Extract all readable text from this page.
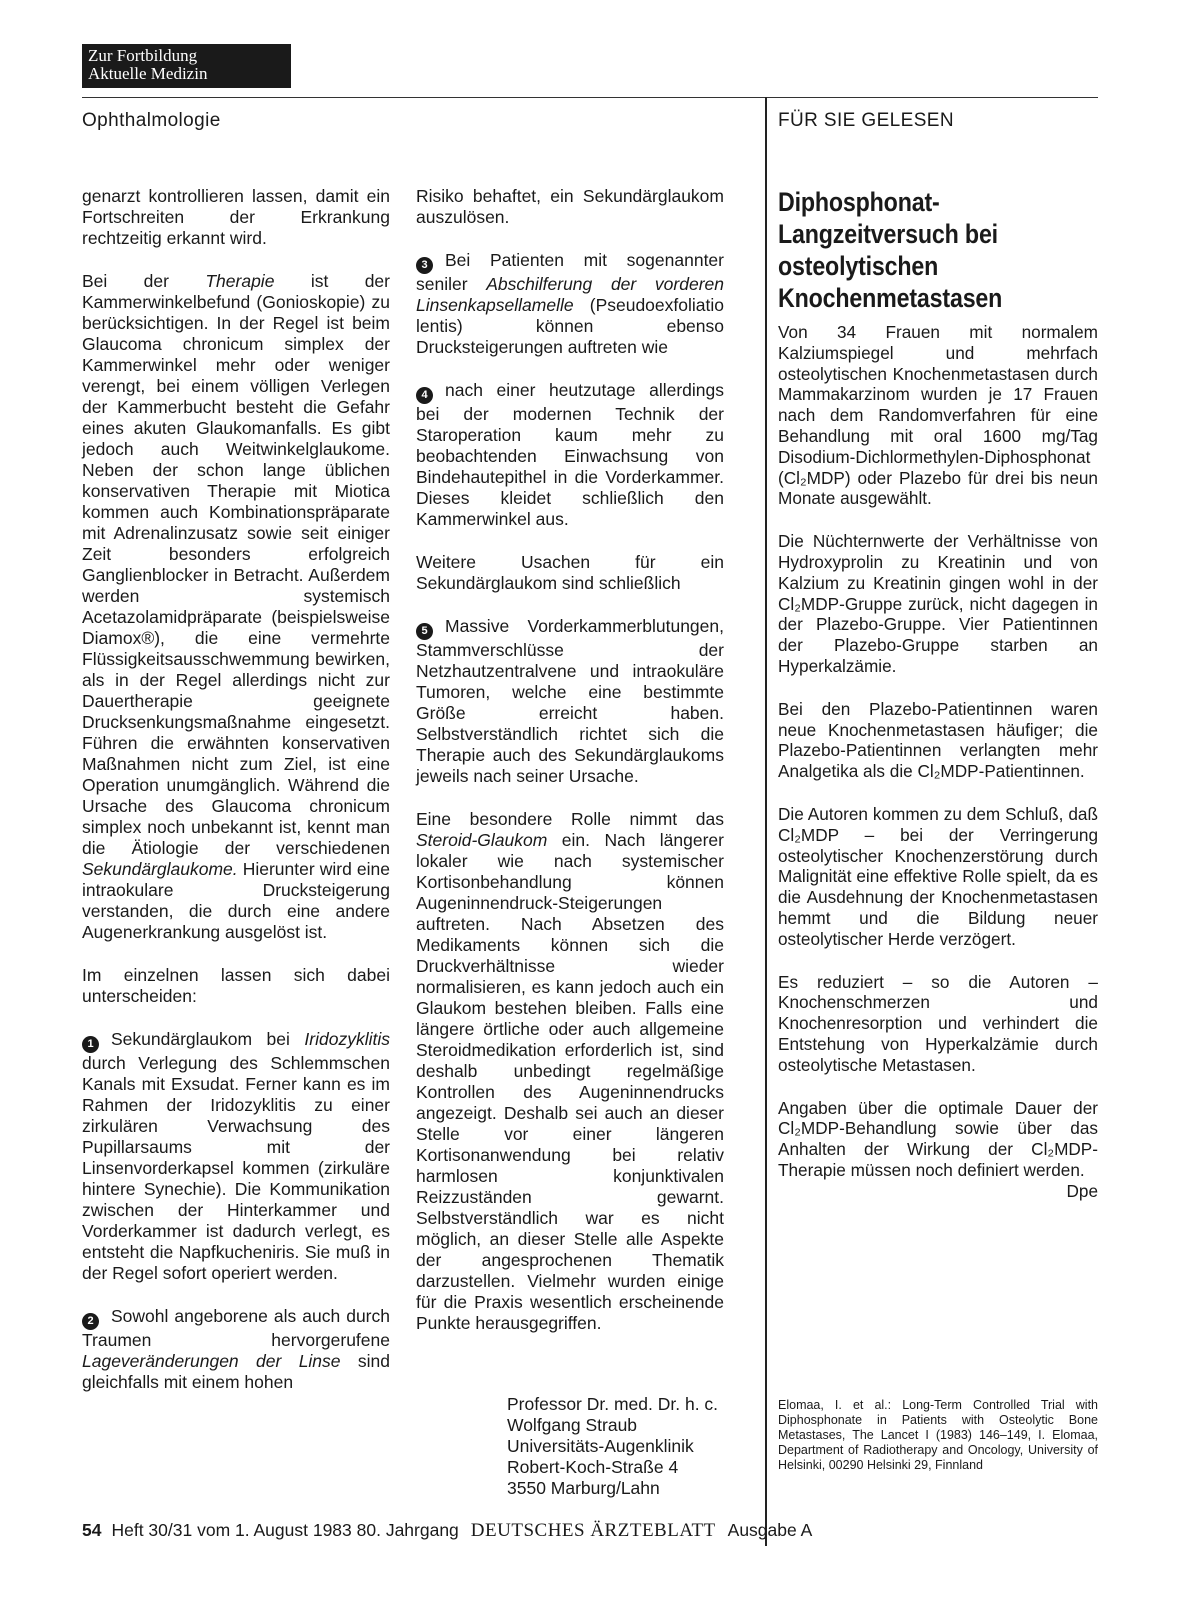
Zur Fortbildung
Aktuelle Medizin
Ophthalmologie	FÜR SIE GELESEN

genarzt kontrollieren lassen, damit ein Fortschreiten der Erkrankung rechtzeitig erkannt wird.

Bei der Therapie ist der Kammerwinkelbefund (Gonioskopie) zu berücksichtigen. In der Regel ist beim Glaucoma chronicum simplex der Kammerwinkel mehr oder weniger verengt, bei einem völligen Verlegen der Kammerbucht besteht die Gefahr eines akuten Glaukomanfalls. Es gibt jedoch auch Weitwinkelglaukome. Neben der schon lange üblichen konservativen Therapie mit Miotica kommen auch Kombinationspräparate mit Adrenalinzusatz sowie seit einiger Zeit besonders erfolgreich Ganglienblocker in Betracht. Außerdem werden systemisch Acetazolamidpräparate (beispielsweise Diamox®), die eine vermehrte Flüssigkeitsausschwemmung bewirken, als in der Regel allerdings nicht zur Dauertherapie geeignete Drucksenkungsmaßnahme eingesetzt. Führen die erwähnten konservativen Maßnahmen nicht zum Ziel, ist eine Operation unumgänglich. Während die Ursache des Glaucoma chronicum simplex noch unbekannt ist, kennt man die Ätiologie der verschiedenen Sekundärglaukome. Hierunter wird eine intraokulare Drucksteigerung verstanden, die durch eine andere Augenerkrankung ausgelöst ist.

Im einzelnen lassen sich dabei unterscheiden:

1 Sekundärglaukom bei Iridozyklitis durch Verlegung des Schlemmschen Kanals mit Exsudat. Ferner kann es im Rahmen der Iridozyklitis zu einer zirkulären Verwachsung des Pupillarsaums mit der Linsenvorderkapsel kommen (zirkuläre hintere Synechie). Die Kommunikation zwischen der Hinterkammer und Vorderkammer ist dadurch verlegt, es entsteht die Napfkucheniris. Sie muß in der Regel sofort operiert werden.

2 Sowohl angeborene als auch durch Traumen hervorgerufene Lageveränderungen der Linse sind gleichfalls mit einem hohen

Risiko behaftet, ein Sekundärglaukom auszulösen.

3 Bei Patienten mit sogenannter seniler Abschilferung der vorderen Linsenkapsellamelle (Pseudoexfoliatio lentis) können ebenso Drucksteigerungen auftreten wie

4 nach einer heutzutage allerdings bei der modernen Technik der Staroperation kaum mehr zu beobachtenden Einwachsung von Bindehautepithel in die Vorderkammer. Dieses kleidet schließlich den Kammerwinkel aus.

Weitere Usachen für ein Sekundärglaukom sind schließlich

5 Massive Vorderkammerblutungen, Stammverschlüsse der Netzhautzentralvene und intraokuläre Tumoren, welche eine bestimmte Größe erreicht haben. Selbstverständlich richtet sich die Therapie auch des Sekundärglaukoms jeweils nach seiner Ursache.

Eine besondere Rolle nimmt das Steroid-Glaukom ein. Nach längerer lokaler wie nach systemischer Kortisonbehandlung können Augeninnendruck-Steigerungen auftreten. Nach Absetzen des Medikaments können sich die Druckverhältnisse wieder normalisieren, es kann jedoch auch ein Glaukom bestehen bleiben. Falls eine längere örtliche oder auch allgemeine Steroidmedikation erforderlich ist, sind deshalb unbedingt regelmäßige Kontrollen des Augeninnendrucks angezeigt. Deshalb sei auch an dieser Stelle vor einer längeren Kortisonanwendung bei relativ harmlosen konjunktivalen Reizzuständen gewarnt. Selbstverständlich war es nicht möglich, an dieser Stelle alle Aspekte der angesprochenen Thematik darzustellen. Vielmehr wurden einige für die Praxis wesentlich erscheinende Punkte herausgegriffen.

Professor Dr. med. Dr. h. c.
Wolfgang Straub
Universitäts-Augenklinik
Robert-Koch-Straße 4
3550 Marburg/Lahn
Diphosphonat-Langzeitversuch bei osteolytischen Knochenmetastasen

Von 34 Frauen mit normalem Kalziumspiegel und mehrfach osteolytischen Knochenmetastasen durch Mammakarzinom wurden je 17 Frauen nach dem Randomverfahren für eine Behandlung mit oral 1600 mg/Tag Disodium-Dichlormethylen-Diphosphonat (Cl₂MDP) oder Plazebo für drei bis neun Monate ausgewählt.

Die Nüchternwerte der Verhältnisse von Hydroxyprolin zu Kreatinin und von Kalzium zu Kreatinin gingen wohl in der Cl₂MDP-Gruppe zurück, nicht dagegen in der Plazebo-Gruppe. Vier Patientinnen der Plazebo-Gruppe starben an Hyperkalzämie.

Bei den Plazebo-Patientinnen waren neue Knochenmetastasen häufiger; die Plazebo-Patientinnen verlangten mehr Analgetika als die Cl₂MDP-Patientinnen.

Die Autoren kommen zu dem Schluß, daß Cl₂MDP – bei der Verringerung osteolytischer Knochenzerstörung durch Malignität eine effektive Rolle spielt, da es die Ausdehnung der Knochenmetastasen hemmt und die Bildung neuer osteolytischer Herde verzögert.

Es reduziert – so die Autoren – Knochenschmerzen und Knochenresorption und verhindert die Entstehung von Hyperkalzämie durch osteolytische Metastasen.

Angaben über die optimale Dauer der Cl₂MDP-Behandlung sowie über das Anhalten der Wirkung der Cl₂MDP-Therapie müssen noch definiert werden.
Dpe

Elomaa, I. et al.: Long-Term Controlled Trial with Diphosphonate in Patients with Osteolytic Bone Metastases, The Lancet I (1983) 146–149, I. Elomaa, Department of Radiotherapy and Oncology, University of Helsinki, 00290 Helsinki 29, Finnland
54 Heft 30/31 vom 1. August 1983 80. Jahrgang DEUTSCHES ÄRZTEBLATT Ausgabe A
